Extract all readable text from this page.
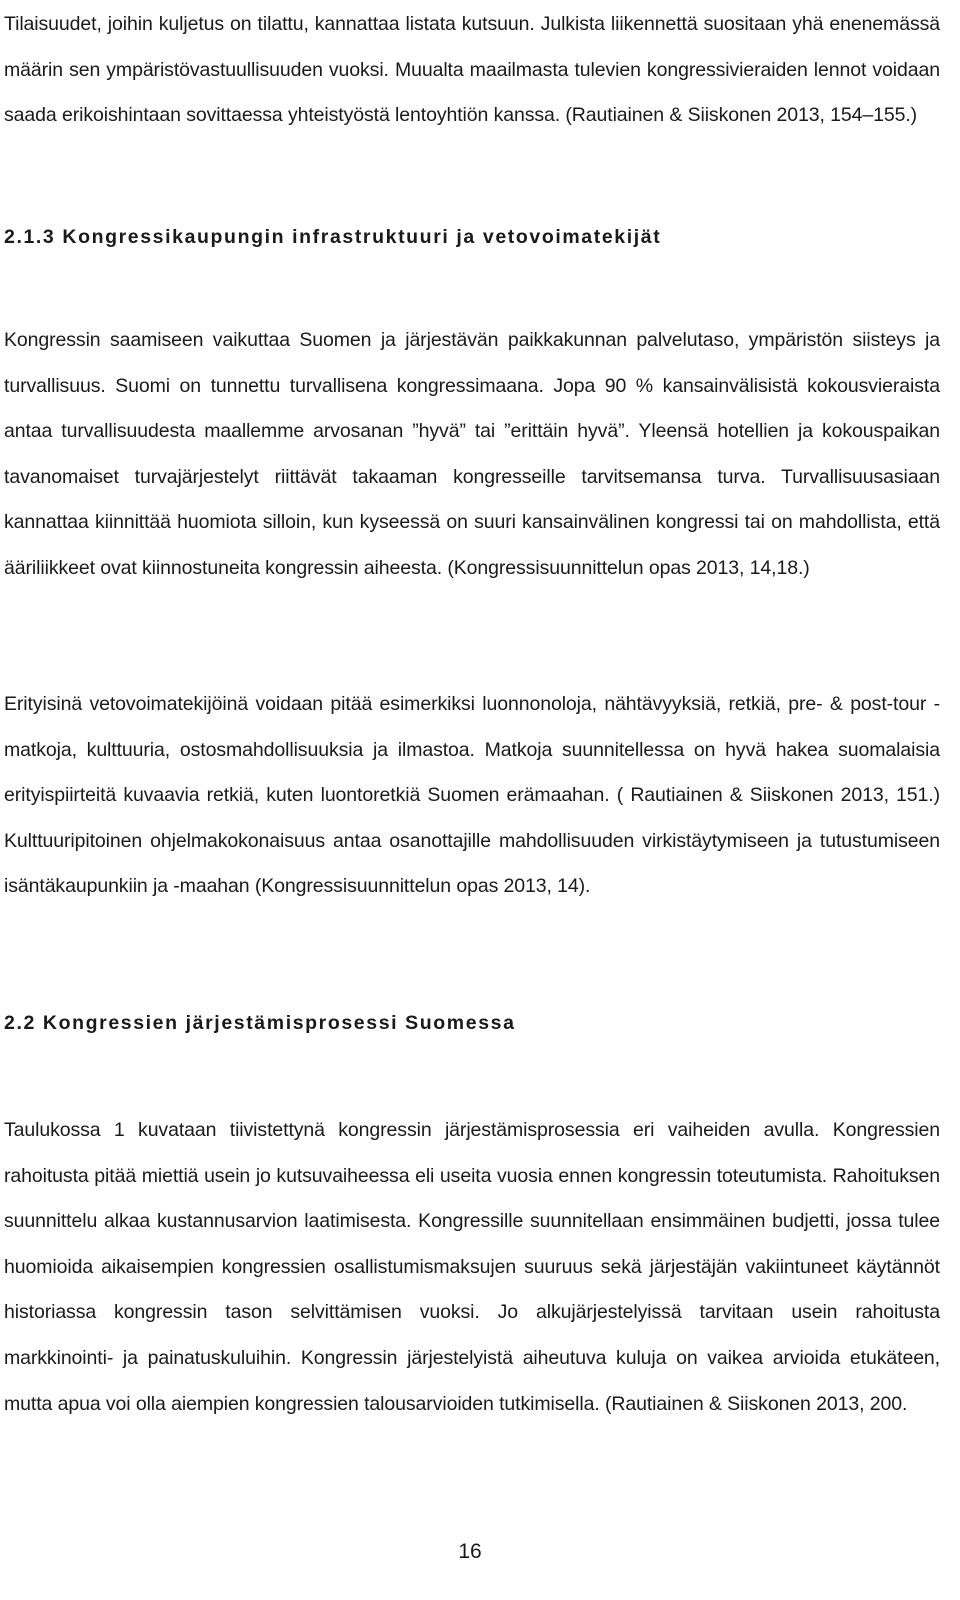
Tilaisuudet, joihin kuljetus on tilattu, kannattaa listata kutsuun. Julkista liikennettä suositaan yhä enenemässä määrin sen ympäristövastuullisuuden vuoksi. Muualta maailmasta tulevien kongressivieraiden lennot voidaan saada erikoishintaan sovittaessa yhteistyöstä lentoyhtiön kanssa. (Rautiainen & Siiskonen 2013, 154–155.)

2.1.3 Kongressikaupungin infrastruktuuri ja vetovoimatekijät

Kongressin saamiseen vaikuttaa Suomen ja järjestävän paikkakunnan palvelutaso, ympäristön siisteys ja turvallisuus. Suomi on tunnettu turvallisena kongressimaana. Jopa 90 % kansainvälisistä kokousvieraista antaa turvallisuudesta maallemme arvosanan ”hyvä” tai ”erittäin hyvä”. Yleensä hotellien ja kokouspaikan tavanomaiset turvajärjestelyt riittävät takaaman kongresseille tarvitsemansa turva. Turvallisuusasiaan kannattaa kiinnittää huomiota silloin, kun kyseessä on suuri kansainvälinen kongressi tai on mahdollista, että ääriliikkeet ovat kiinnostuneita kongressin aiheesta. (Kongressisuunnittelun opas 2013, 14,18.)

Erityisinä vetovoimatekijöinä voidaan pitää esimerkiksi luonnonoloja, nähtävyyksiä, retkiä, pre- & post-tour -matkoja, kulttuuria, ostosmahdollisuuksia ja ilmastoa. Matkoja suunnitellessa on hyvä hakea suomalaisia erityispiirteitä kuvaavia retkiä, kuten luontoretkiä Suomen erämaahan. ( Rautiainen & Siiskonen 2013, 151.) Kulttuuripitoinen ohjelmakokonaisuus antaa osanottajille mahdollisuuden virkistäytymiseen ja tutustumiseen isäntäkaupunkiin ja -maahan (Kongressisuunnittelun opas 2013, 14).

2.2 Kongressien järjestämisprosessi Suomessa

Taulukossa 1 kuvataan tiivistettynä kongressin järjestämisprosessia eri vaiheiden avulla. Kongressien rahoitusta pitää miettiä usein jo kutsuvaiheessa eli useita vuosia ennen kongressin toteutumista. Rahoituksen suunnittelu alkaa kustannusarvion laatimisesta. Kongressille suunnitellaan ensimmäinen budjetti, jossa tulee huomioida aikaisempien kongressien osallistumismaksujen suuruus sekä järjestäjän vakiintuneet käytännöt historiassa kongressin tason selvittämisen vuoksi. Jo alkujärjestelyissä tarvitaan usein rahoitusta markkinointi- ja painatuskuluihin. Kongressin järjestelyistä aiheutuva kuluja on vaikea arvioida etukäteen, mutta apua voi olla aiempien kongressien talousarvioiden tutkimisella. (Rautiainen & Siiskonen 2013, 200.

16
